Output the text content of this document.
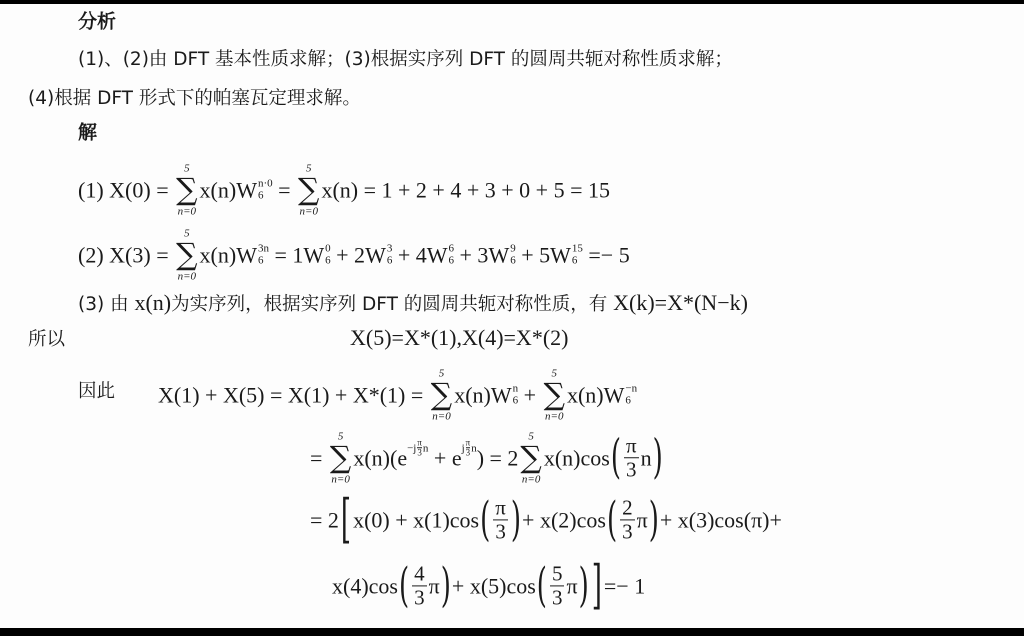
分析
(1)、(2)由 DFT 基本性质求解；(3)根据实序列 DFT 的圆周共轭对称性质求解；
(4)根据 DFT 形式下的帕塞瓦定理求解。
解
(1) X(0) =
5
∑
n=0
x(n) W n·0
6 =
5
∑
n=0
x(n) = 1 + 2 + 4 + 3 + 0 + 5 = 15
(2) X(3) =
5
∑
n=0
x(n) W 3n
6 = 1 W 0
6 + 2 W 3
6 + 4 W 6
6 + 3 W 9
6 + 5 W 15
6 =− 5
(3) 由 x(n) 为实序列，根据实序列 DFT 的圆周共轭对称性质，有 X(k)=X*(N−k)
所以	X(5)=X*(1),X(4)=X*(2)
因此 X(1) + X(5) = X(1) + X*(1) =
5
∑
n=0
x(n) W n
6 +
5
∑
n=0
x(n) W −n
6
=
5
∑
n=0
x(n)(e −j π
3 n + e j π
3 n ) = 2
5
∑
n=0
x(n)cos ( $\frac{\pi}{3}$ n
)
= 2 [ x(0) + x(1)cos ( $\frac{\pi}{3}$ ) + x(2)cos ( $\frac{2}{3}$ π ) + x(3)cos(π)+
x(4)cos ( $\frac{4}{3}$ π ) + x(5)cos ( $\frac{5}{3}$ π ) ] =− 1
